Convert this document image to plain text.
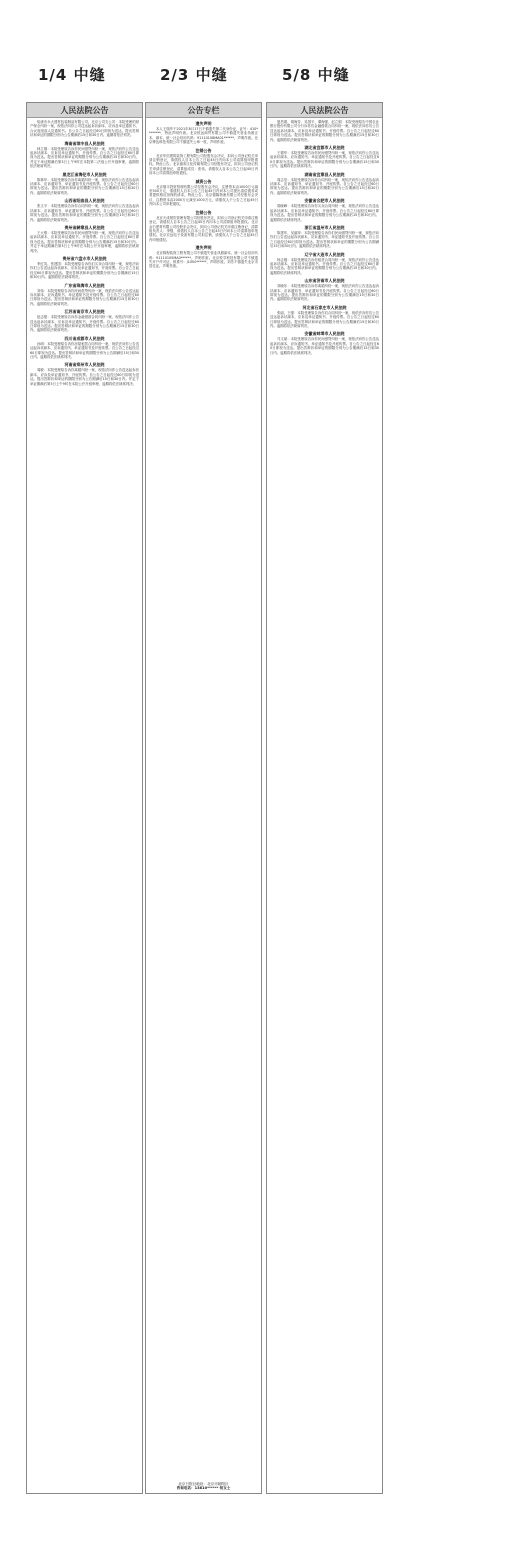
1/4 中缝	2/3 中缝	5/8 中缝
人民法院公告
哈唐市永大建材包装制品有限公司、北京公司支公司：本院受理的财产保全纠纷一案，现依法向你公司送达起诉状副本、应诉及举证通知书、合议庭组成人员通知书。自公告之日起经过60日即视为送达。提出答辩状和举证的期限分别为公告期满后15日和30日内。逾期将依法判决。
海南省琼中县人民法院
林立刚：本院受理原告诉你民间借贷纠纷一案，现依法向你公告送达起诉状副本、应诉及举证通知书、开庭传票。自公告之日起经过60日即视为送达。提出答辩状和举证的期限分别为公告期满后15日和30日内。并定于举证期满后第3日上午9时在本院第二法庭公开开庭审理，逾期将依法缺席判决。
黑龙江省海伦市人民法院
陈林华：本院受理原告诉你离婚纠纷一案，现依法向你公告送达起诉状副本、应诉通知书、举证通知书及开庭传票。自公告之日起经过60日即视为送达。提出答辩状和举证的期限分别为公告期满后15日和30日内。逾期将依法缺席判决。
山西省阳曲县人民法院
张文平：本院受理原告诉你合同纠纷一案，现依法向你公告送达起诉状副本、应诉通知书、举证通知书、开庭传票。自公告之日起经过60日即视为送达。提出答辩状和举证的期限分别为公告期满后15日和30日内。逾期将依法缺席判决。
贵州省赫章县人民法院
王大维：本院受理原告诉你民间借贷纠纷一案，现依法向你公告送达起诉状副本、应诉及举证通知书、开庭传票。自公告之日起经过60日即视为送达。提出答辩状和举证的期限分别为公告期满后15日和30日内。并定于举证期满后第3日上午9时在本院公开开庭审理，逾期将依法缺席判决。
贵州省六盘水市人民法院
李红英、张建国：本院受理原告诉你们买卖合同纠纷一案，现依法向你们公告送达起诉状副本、应诉及举证通知书、开庭传票。自公告之日起经过60日即视为送达。提出答辩状和举证的期限分别为公告期满后15日和30日内。逾期将依法缺席判决。
广东省珠海市人民法院
刘伟：本院受理原告诉你民间借贷纠纷一案，现依法向你公告送达起诉状副本、应诉通知书、举证通知书及开庭传票。自公告之日起经过60日即视为送达。提出答辩状和举证的期限分别为公告期满后15日和30日内。逾期将依法缺席判决。
江苏省南京市人民法院
赵志强：本院受理原告诉你金融借款合同纠纷一案，现依法向你公告送达起诉状副本、应诉及举证通知书、开庭传票。自公告之日起经过60日即视为送达。提出答辩状和举证的期限分别为公告期满后15日和30日内。逾期将依法缺席判决。
四川省成都市人民法院
孙明：本院受理原告诉你房屋租赁合同纠纷一案，现依法向你公告送达起诉状副本、应诉通知书、举证通知书及开庭传票。自公告之日起经过60日即视为送达。提出答辩状和举证的期限分别为公告期满后15日和30日内。逾期将依法缺席判决。
河南省郑州市人民法院
周敏：本院受理原告诉你离婚纠纷一案，现依法向你公告送达起诉状副本、应诉及举证通知书、开庭传票。自公告之日起经过60日即视为送达。提出答辩状和举证的期限分别为公告期满后15日和30日内。并定于举证期满后第3日上午9时在本院公开开庭审理，逾期将依法缺席判决。
公告专栏
遗失声明
本人王瑞华于2021年8月17日不慎遗失第二代身份证，证号：410********，特此声明作废。北京恒远商贸有限公司不慎遗失营业执照正本、副本，统一社会信用代码：91110108MA01******，声明作废。北京博达科技有限公司不慎遗失公章一枚，声明作废。
注销公告
北京华信建筑装饰工程有限公司经股东会决议，拟向公司登记机关申请注销登记，请债权人自本公告之日起45日内向本公司清算组申报债权。特此公告。北京盛和文化传媒有限公司经股东决定，拟向公司登记机关申请注销登记，清算组成员：张伟，请债权人自本公告之日起45日内向本公司清算组申报债权。
减资公告
北京瑞丰投资管理有限公司经股东会决议，注册资本由1000万元减至500万元，请债权人自本公告之日起45日内向本公司提出清偿债务或者提供相应担保的请求。特此公告。北京德隆物流有限公司经股东会决议，注册资本由2000万元减至1000万元，请债权人于公告之日起45日内向本公司申报债权。
注销公告
北京天成餐饮管理有限公司经股东决定，拟向公司登记机关申请注销登记，请债权人自本公告之日起45日内向本公司清算组申报债权。北京金石建材有限公司经股东会决议，拟向公司登记机关申请注销登记，清算组负责人：李强，请债权人自本公告之日起45日内向本公司清算组申报债权。北京宏远电子设备有限公司拟注销，请债权人于公告之日起45日内申报债权。
遗失声明
北京锦程装饰工程有限公司不慎遗失营业执照副本，统一社会信用代码：91110105MA0******，声明作废。北京悦享科技有限公司不慎遗失开户许可证，核准号：J1000******，声明作废。刘芳不慎遗失北京市居住证，声明作废。
北京日报社地址：北京市朝阳区
咨询电话：13810****** 何女士
人民法院公告
夏昌德、胡海芳、吴国平、谭海强、赵立娟：本院受理原告中国农业银行股份有限公司分行诉你们金融借款合同纠纷一案，现依法向你们公告送达起诉状副本、应诉及举证通知书、开庭传票。自公告之日起经过60日即视为送达。提出答辩状和举证的期限分别为公告期满后15日和30日内。逾期将依法缺席判决。
湖北省宜都市人民法院
王德华：本院受理原告诉你民间借贷纠纷一案，现依法向你公告送达起诉状副本、应诉通知书、举证通知书及开庭传票。自公告之日起经过60日即视为送达。提出答辩状和举证的期限分别为公告期满后15日和30日内。逾期将依法缺席判决。
湖南省宜章县人民法院
周志坚：本院受理原告诉你合同纠纷一案，现依法向你公告送达起诉状副本、应诉通知书、举证通知书、开庭传票。自公告之日起经过60日即视为送达。提出答辩状和举证的期限分别为公告期满后15日和30日内。逾期将依法缺席判决。
安徽省合肥市人民法院
胡晓峰：本院受理原告诉你买卖合同纠纷一案，现依法向你公告送达起诉状副本、应诉及举证通知书、开庭传票。自公告之日起经过60日即视为送达。提出答辩状和举证的期限分别为公告期满后15日和30日内。逾期将依法缺席判决。
浙江省温州市人民法院
陈建华、吴丽萍：本院受理原告诉你们民间借贷纠纷一案，现依法向你们公告送达起诉状副本、应诉通知书、举证通知书及开庭传票。自公告之日起经过60日即视为送达。提出答辩状和举证的期限分别为公告期满后15日和30日内。逾期将依法缺席判决。
辽宁省大连市人民法院
杨志刚：本院受理原告诉你租赁合同纠纷一案，现依法向你公告送达起诉状副本、应诉及举证通知书、开庭传票。自公告之日起经过60日即视为送达。提出答辩状和举证的期限分别为公告期满后15日和30日内。逾期将依法缺席判决。
山东省济南市人民法院
刘晓东：本院受理原告诉你离婚纠纷一案，现依法向你公告送达起诉状副本、应诉通知书、举证通知书及开庭传票。自公告之日起经过60日即视为送达。提出答辩状和举证的期限分别为公告期满后15日和30日内。逾期将依法缺席判决。
河北省石家庄市人民法院
张丽、王强：本院受理原告诉你们合同纠纷一案，现依法向你们公告送达起诉状副本、应诉及举证通知书、开庭传票。自公告之日起经过60日即视为送达。提出答辩状和举证的期限分别为公告期满后15日和30日内。逾期将依法缺席判决。
安徽省蚌埠市人民法院
马文斌：本院受理原告诉你民间借贷纠纷一案，现依法向你公告送达起诉状副本、应诉通知书、举证通知书及开庭传票。自公告之日起经过60日即视为送达。提出答辩状和举证的期限分别为公告期满后15日和30日内。逾期将依法缺席判决。
